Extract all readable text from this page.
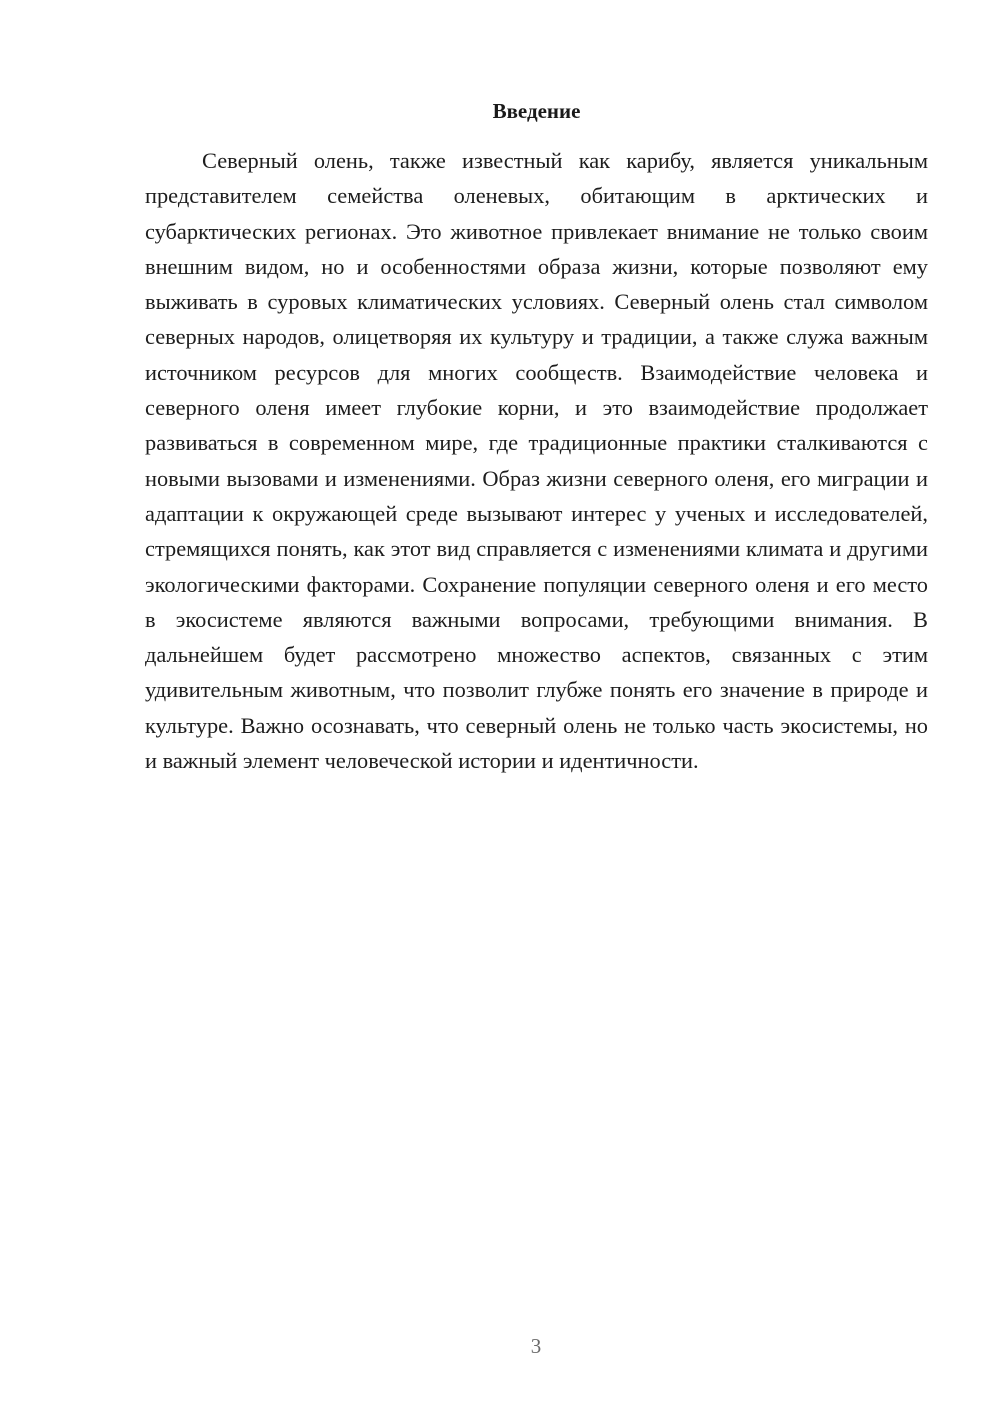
Введение

Северный олень, также известный как карибу, является уникальным представителем семейства оленевых, обитающим в арктических и субарктических регионах. Это животное привлекает внимание не только своим внешним видом, но и особенностями образа жизни, которые позволяют ему выживать в суровых климатических условиях. Северный олень стал символом северных народов, олицетворяя их культуру и традиции, а также служа важным источником ресурсов для многих сообществ. Взаимодействие человека и северного оленя имеет глубокие корни, и это взаимодействие продолжает развиваться в современном мире, где традиционные практики сталкиваются с новыми вызовами и изменениями. Образ жизни северного оленя, его миграции и адаптации к окружающей среде вызывают интерес у ученых и исследователей, стремящихся понять, как этот вид справляется с изменениями климата и другими экологическими факторами. Сохранение популяции северного оленя и его место в экосистеме являются важными вопросами, требующими внимания. В дальнейшем будет рассмотрено множество аспектов, связанных с этим удивительным животным, что позволит глубже понять его значение в природе и культуре. Важно осознавать, что северный олень не только часть экосистемы, но и важный элемент человеческой истории и идентичности.

3
